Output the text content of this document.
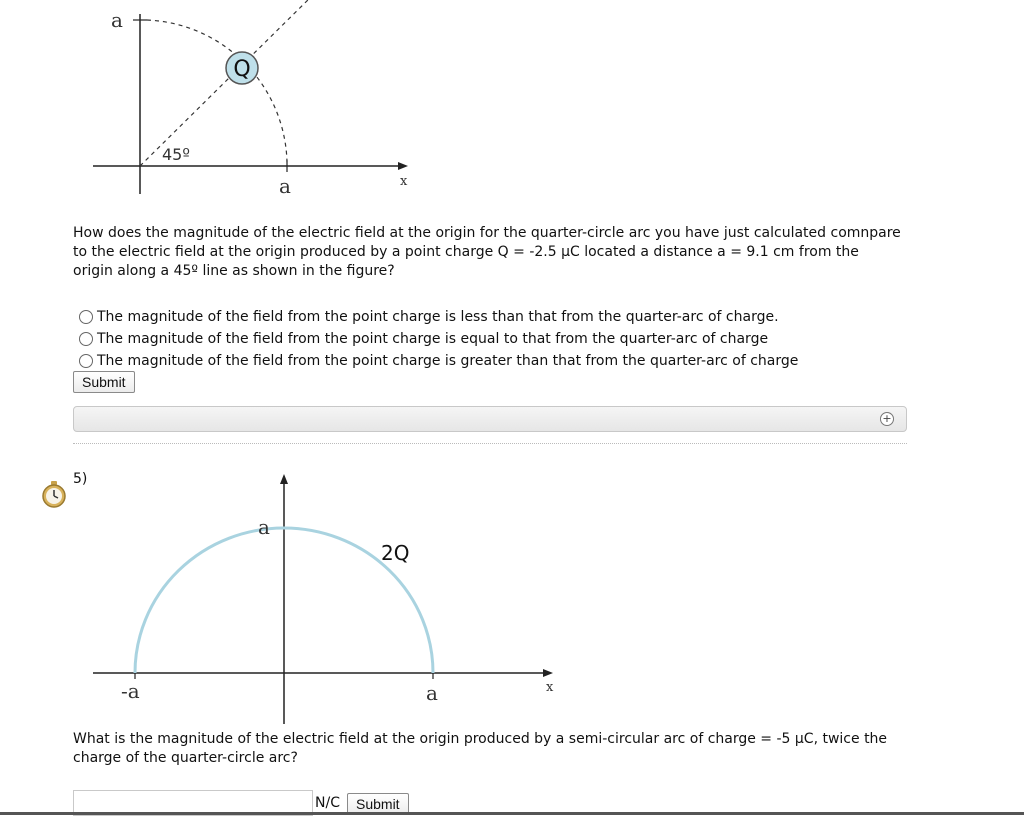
Q
a
45º
a	x
How does the magnitude of the electric field at the origin for the quarter-circle arc you have just calculated comnpare to the electric field at the origin produced by a point charge Q = -2.5 μC located a distance a = 9.1 cm from the origin along a 45º line as shown in the figure?
The magnitude of the field from the point charge is less than that from the quarter-arc of charge.
The magnitude of the field from the point charge is equal to that from the quarter-arc of charge
The magnitude of the field from the point charge is greater than that from the quarter-arc of charge
Submit
+
5)
a
2Q
-a	a	x
What is the magnitude of the electric field at the origin produced by a semi-circular arc of charge = -5 μC, twice the charge of the quarter-circle arc?
N/C	Submit
